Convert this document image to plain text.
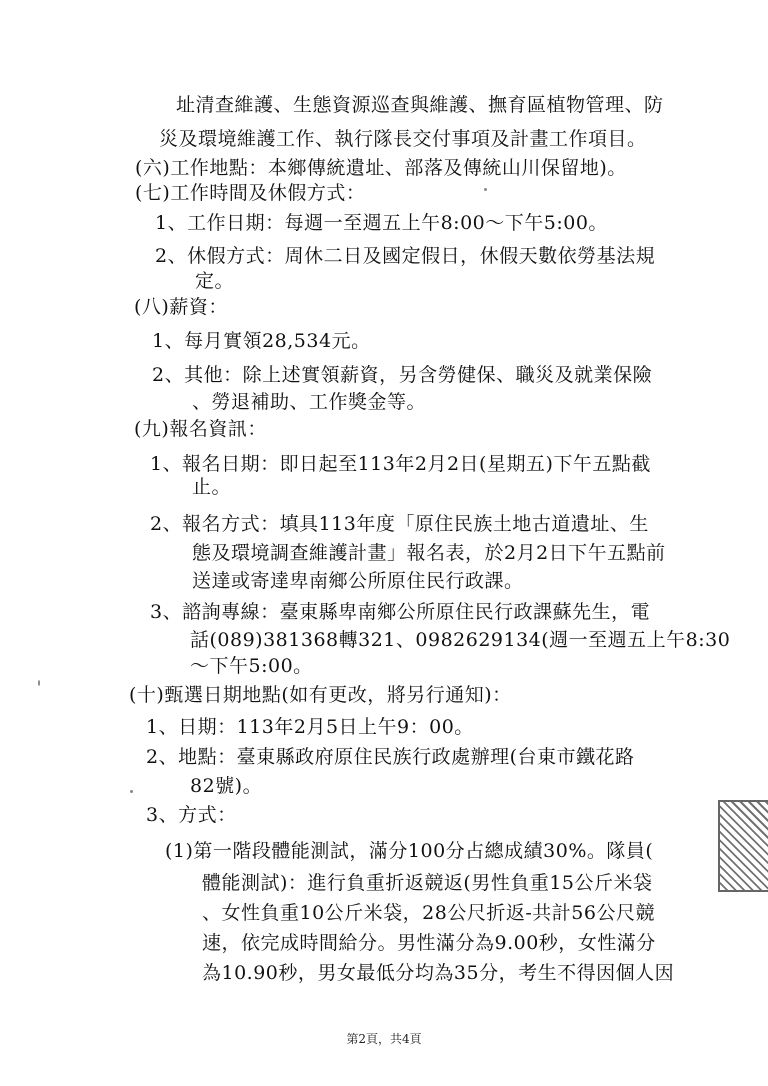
址清查維護、生態資源巡查與維護、撫育區植物管理、防
災及環境維護工作、執行隊長交付事項及計畫工作項目。
(六)工作地點：本鄉傳統遺址、部落及傳統山川保留地)。
(七)工作時間及休假方式：
1、工作日期：每週一至週五上午8:00～下午5:00。
2、休假方式：周休二日及國定假日，休假天數依勞基法規
定。
(八)薪資：
1、每月實領28,534元。
2、其他：除上述實領薪資，另含勞健保、職災及就業保險
、勞退補助、工作獎金等。
(九)報名資訊：
1、報名日期：即日起至113年2月2日(星期五)下午五點截
止。
2、報名方式：填具113年度「原住民族土地古道遺址、生
態及環境調查維護計畫」報名表，於2月2日下午五點前
送達或寄達卑南鄉公所原住民行政課。
3、諮詢專線：臺東縣卑南鄉公所原住民行政課蘇先生，電
話(089)381368轉321、0982629134(週一至週五上午8:30
～下午5:00。
(十)甄選日期地點(如有更改，將另行通知)：
1、日期：113年2月5日上午9：00。
2、地點：臺東縣政府原住民族行政處辦理(台東市鐵花路
82號)。
3、方式：
(1)第一階段體能測試，滿分100分占總成績30%。隊員(
體能測試)：進行負重折返競返(男性負重15公斤米袋
、女性負重10公斤米袋，28公尺折返-共計56公尺競
速，依完成時間給分。男性滿分為9.00秒，女性滿分
為10.90秒，男女最低分均為35分，考生不得因個人因
第2頁，共4頁
